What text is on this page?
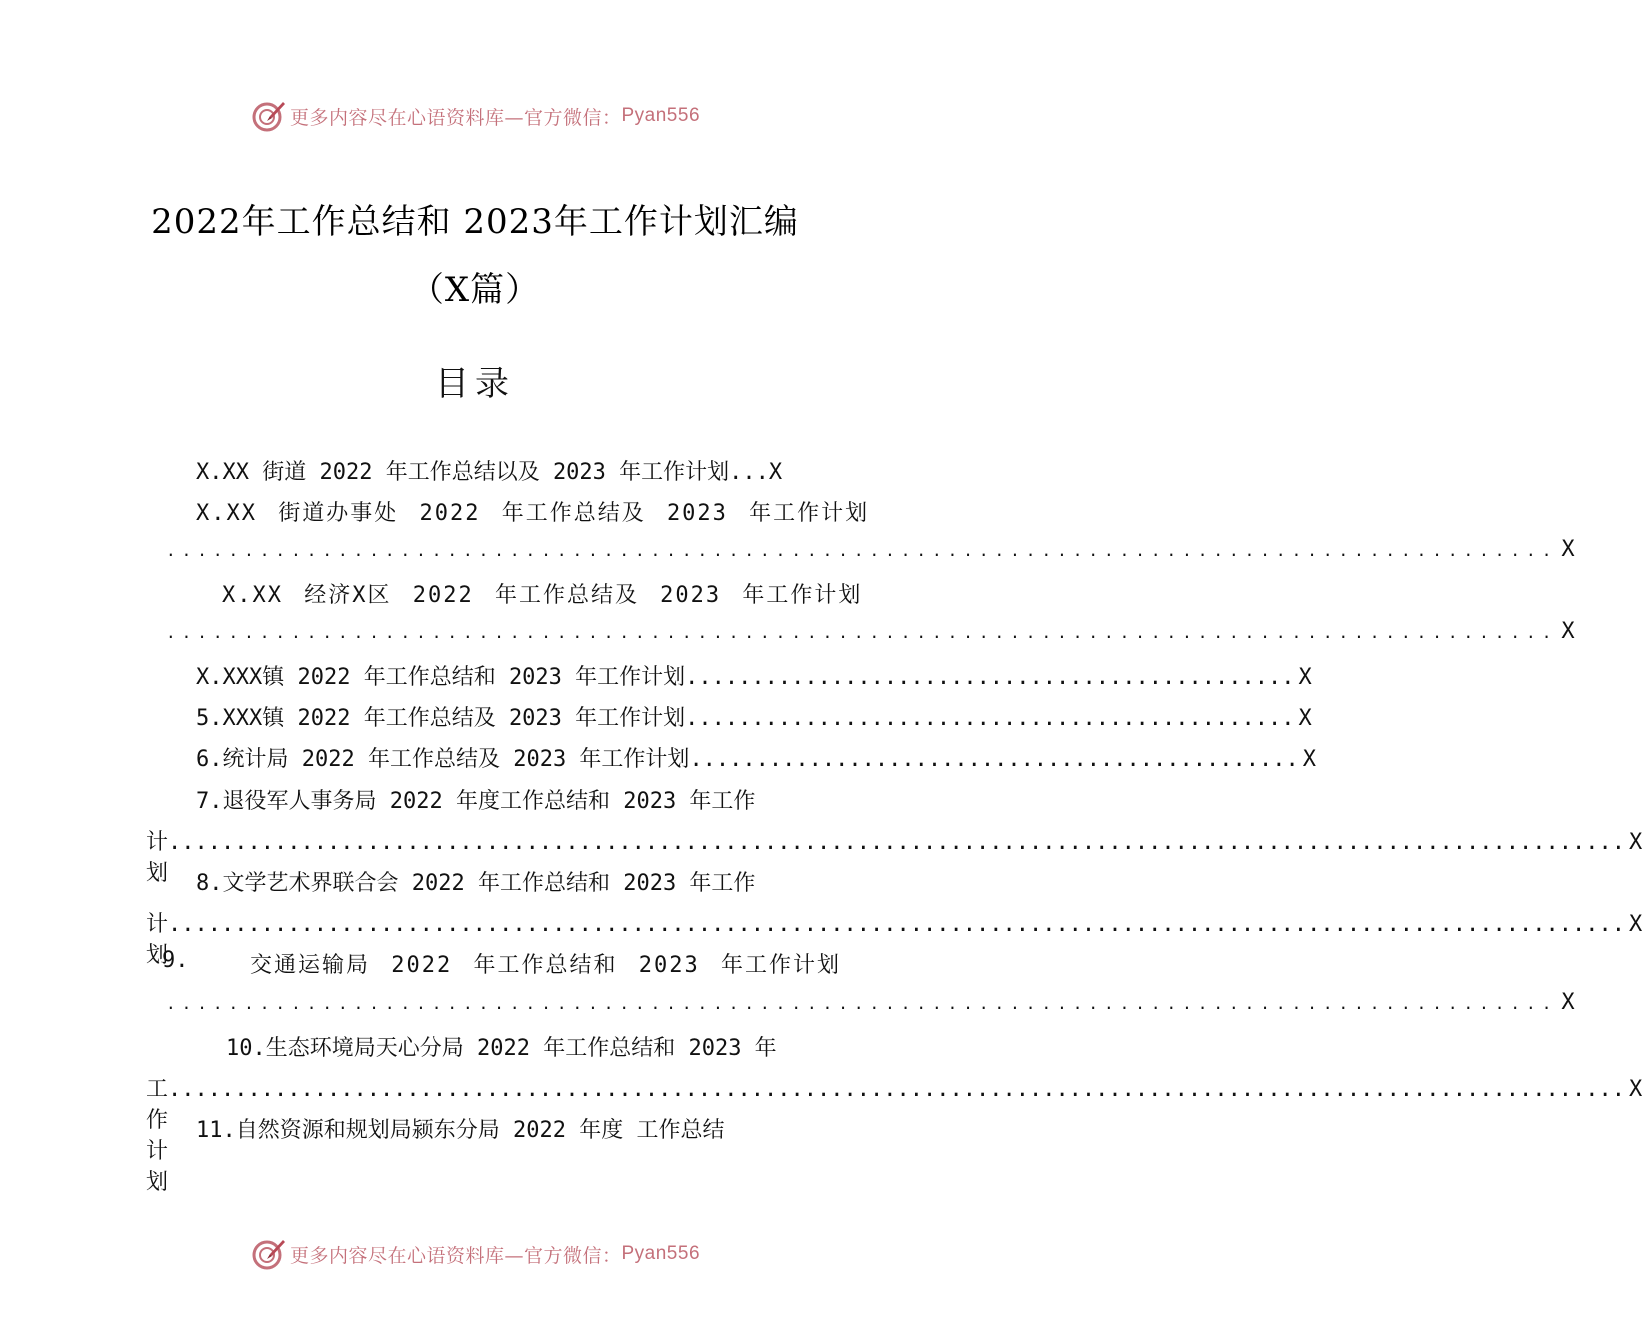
更多内容尽在心语资料库—官方微信： Pyan556
2022年工作总结和 2023年工作计划汇编
（X篇）
目录
X.XX 街道 2022 年工作总结以及 2023 年工作计划...X
X.XX 街道办事处 2022 年工作总结及 2023 年工作计划
......................................................................................... X
X.XX 经济X区 2022 年工作总结及 2023 年工作计划
......................................................................................... X
X.XXX镇 2022 年工作总结和 2023 年工作计划 .............................................. X
5.XXX镇 2022 年工作总结及 2023 年工作计划 .............................................. X
6.统计局 2022 年工作总结及 2023 年工作计划 .............................................. X
7.退役军人事务局 2022 年度工作总结和 2023 年工作
计划
.............................................................................................................. X
8.文学艺术界联合会 2022 年工作总结和 2023 年工作
计划
.............................................................................................................. X
9.	交通运输局 2022 年工作总结和 2023 年工作计划
......................................................................................... X
10.生态环境局天心分局 2022 年工作总结和 2023 年
工作计划
.............................................................................................................. X
11.自然资源和规划局颍东分局 2022 年度 工作总结
更多内容尽在心语资料库—官方微信： Pyan556
